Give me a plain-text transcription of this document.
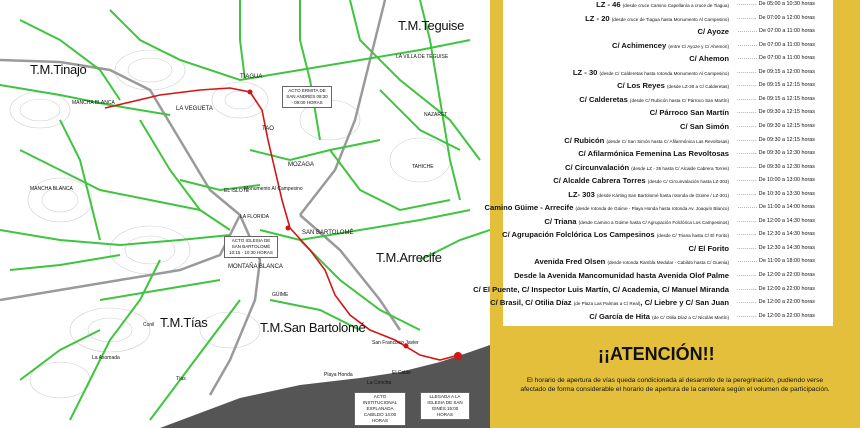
T.M.Tinajo
T.M.Teguise
T.M.Arrecife
T.M.Tías	T.M.San Bartolomé
TIAGUA
LA VEGUETA
MANCHA BLANCA
TAO
MOZAGA
EL ISLOTE
LA FLORIDA
SAN BARTOLOMÉ
MONTAÑA BLANCA
GÜIME
Conil
La Asomada
Tías
Playa Honda
La Concha
El Cable
San Francisco Javier
LA VILLA DE TEGUISE
NAZARET
TAHICHE
Monumento Al Campesino
MANCHA BLANCA
ACTO ERMITA DE SAN ANDRÉS 08:30 - 09:00 HORAS
ACTO IGLESIA DE SAN BARTOLOMÉ 10:15 - 10:30 HORAS
ACTO INSTITUCIONAL EXPLANADA CABILDO 14:00 HORAS
LLEGADA A LA IGLESIA DE SAN GINÉS 15:00 HORAS
LZ - 46 (desde cruce Camino Capellanía a cruce de Tiagua) .......... De 05:00 a 10:30 horas
LZ - 20 (desde cruce de Tiagua hasta Monumento Al Campesino) .......... De 07:00 a 12:00 horas
C/ Ayoze .......... De 07:00 a 11:00 horas
C/ Achimencey (entre C/ Ayoze y C/ Ahemon) .......... De 07:00 a 11:00 horas
C/ Ahemon .......... De 07:00 a 11:00 horas
LZ - 30 (desde C/ Calderetas hasta rotonda Monumento Al Campesino) .......... De 09:15 a 12:00 horas
C/ Los Reyes (desde LZ-30 a C/ Calderetas) .......... De 09:15 a 12:15 horas
C/ Calderetas (desde C/ Rubicón hasta C/ Párroco San Martín) .......... De 09:15 a 12:15 horas
C/ Párroco San Martín .......... De 09:30 a 12:15 horas
C/ San Simón .......... De 09:30 a 12:15 horas
C/ Rubicón (desde C/ San Simón hasta C/ Afilarmónica Las Revoltosas) .......... De 09:30 a 12:15 horas
C/ Afilarmónica Femenina Las Revoltosas .......... De 09:30 a 12:30 horas
C/ Circunvalación (desde LZ - 35 hasta C/ Alcalde Cabrera Torres) .......... De 09:30 a 12:30 horas
C/ Alcalde Cabrera Torres (desde C/ Circunvalación hasta LZ-303) .......... De 10:00 a 13:00 horas
LZ- 303 (desde Kárting San Bartolomé hasta rotonda de Güime / LZ-301) .......... De 10:30 a 13:30 horas
Camino Güime - Arrecife (desde rotonda de Güime - Playa Honda hasta rotonda Av. Joaquín Blanco) .......... De 11:00 a 14:00 horas
C/ Triana (desde Camino a Güime hasta C/ Agrupación Folclórica Los Campesinos) .......... De 12:00 a 14:30 horas
C/ Agrupación Folclórica Los Campesinos (desde C/ Triana hasta C/ El Forito) .......... De 12:30 a 14:30 horas
C/ El Forito .......... De 12:30 a 14:30 horas
Avenida Fred Olsen (desde rotonda Rambla Medular - Cabildo hasta C/ Guenia) .......... De 11:00 a 18:00 horas
Desde la Avenida Mancomunidad hasta Avenida Olof Palme .......... De 12:00 a 22:00 horas
C/ El Puente, C/ Inspector Luis Martín, C/ Academia, C/ Manuel Miranda .......... De 12:00 a 22:00 horas
C/ Brasil, C/ Otilia Díaz (de Plaza Las Palmas a C/ Real), C/ Liebre y C/ San Juan .......... De 12:00 a 22:00 horas
C/ García de Hita (de C/ Otilia Díaz a C/ Nicolás Martín) .......... De 12:00 a 22:00 horas
¡¡ATENCIÓN!!
El horario de apertura de vías queda condicionada al desarrollo de la peregrinación, pudiendo verse afectado de forma considerable el horario de apertura de la carretera según el volumen de participación.
